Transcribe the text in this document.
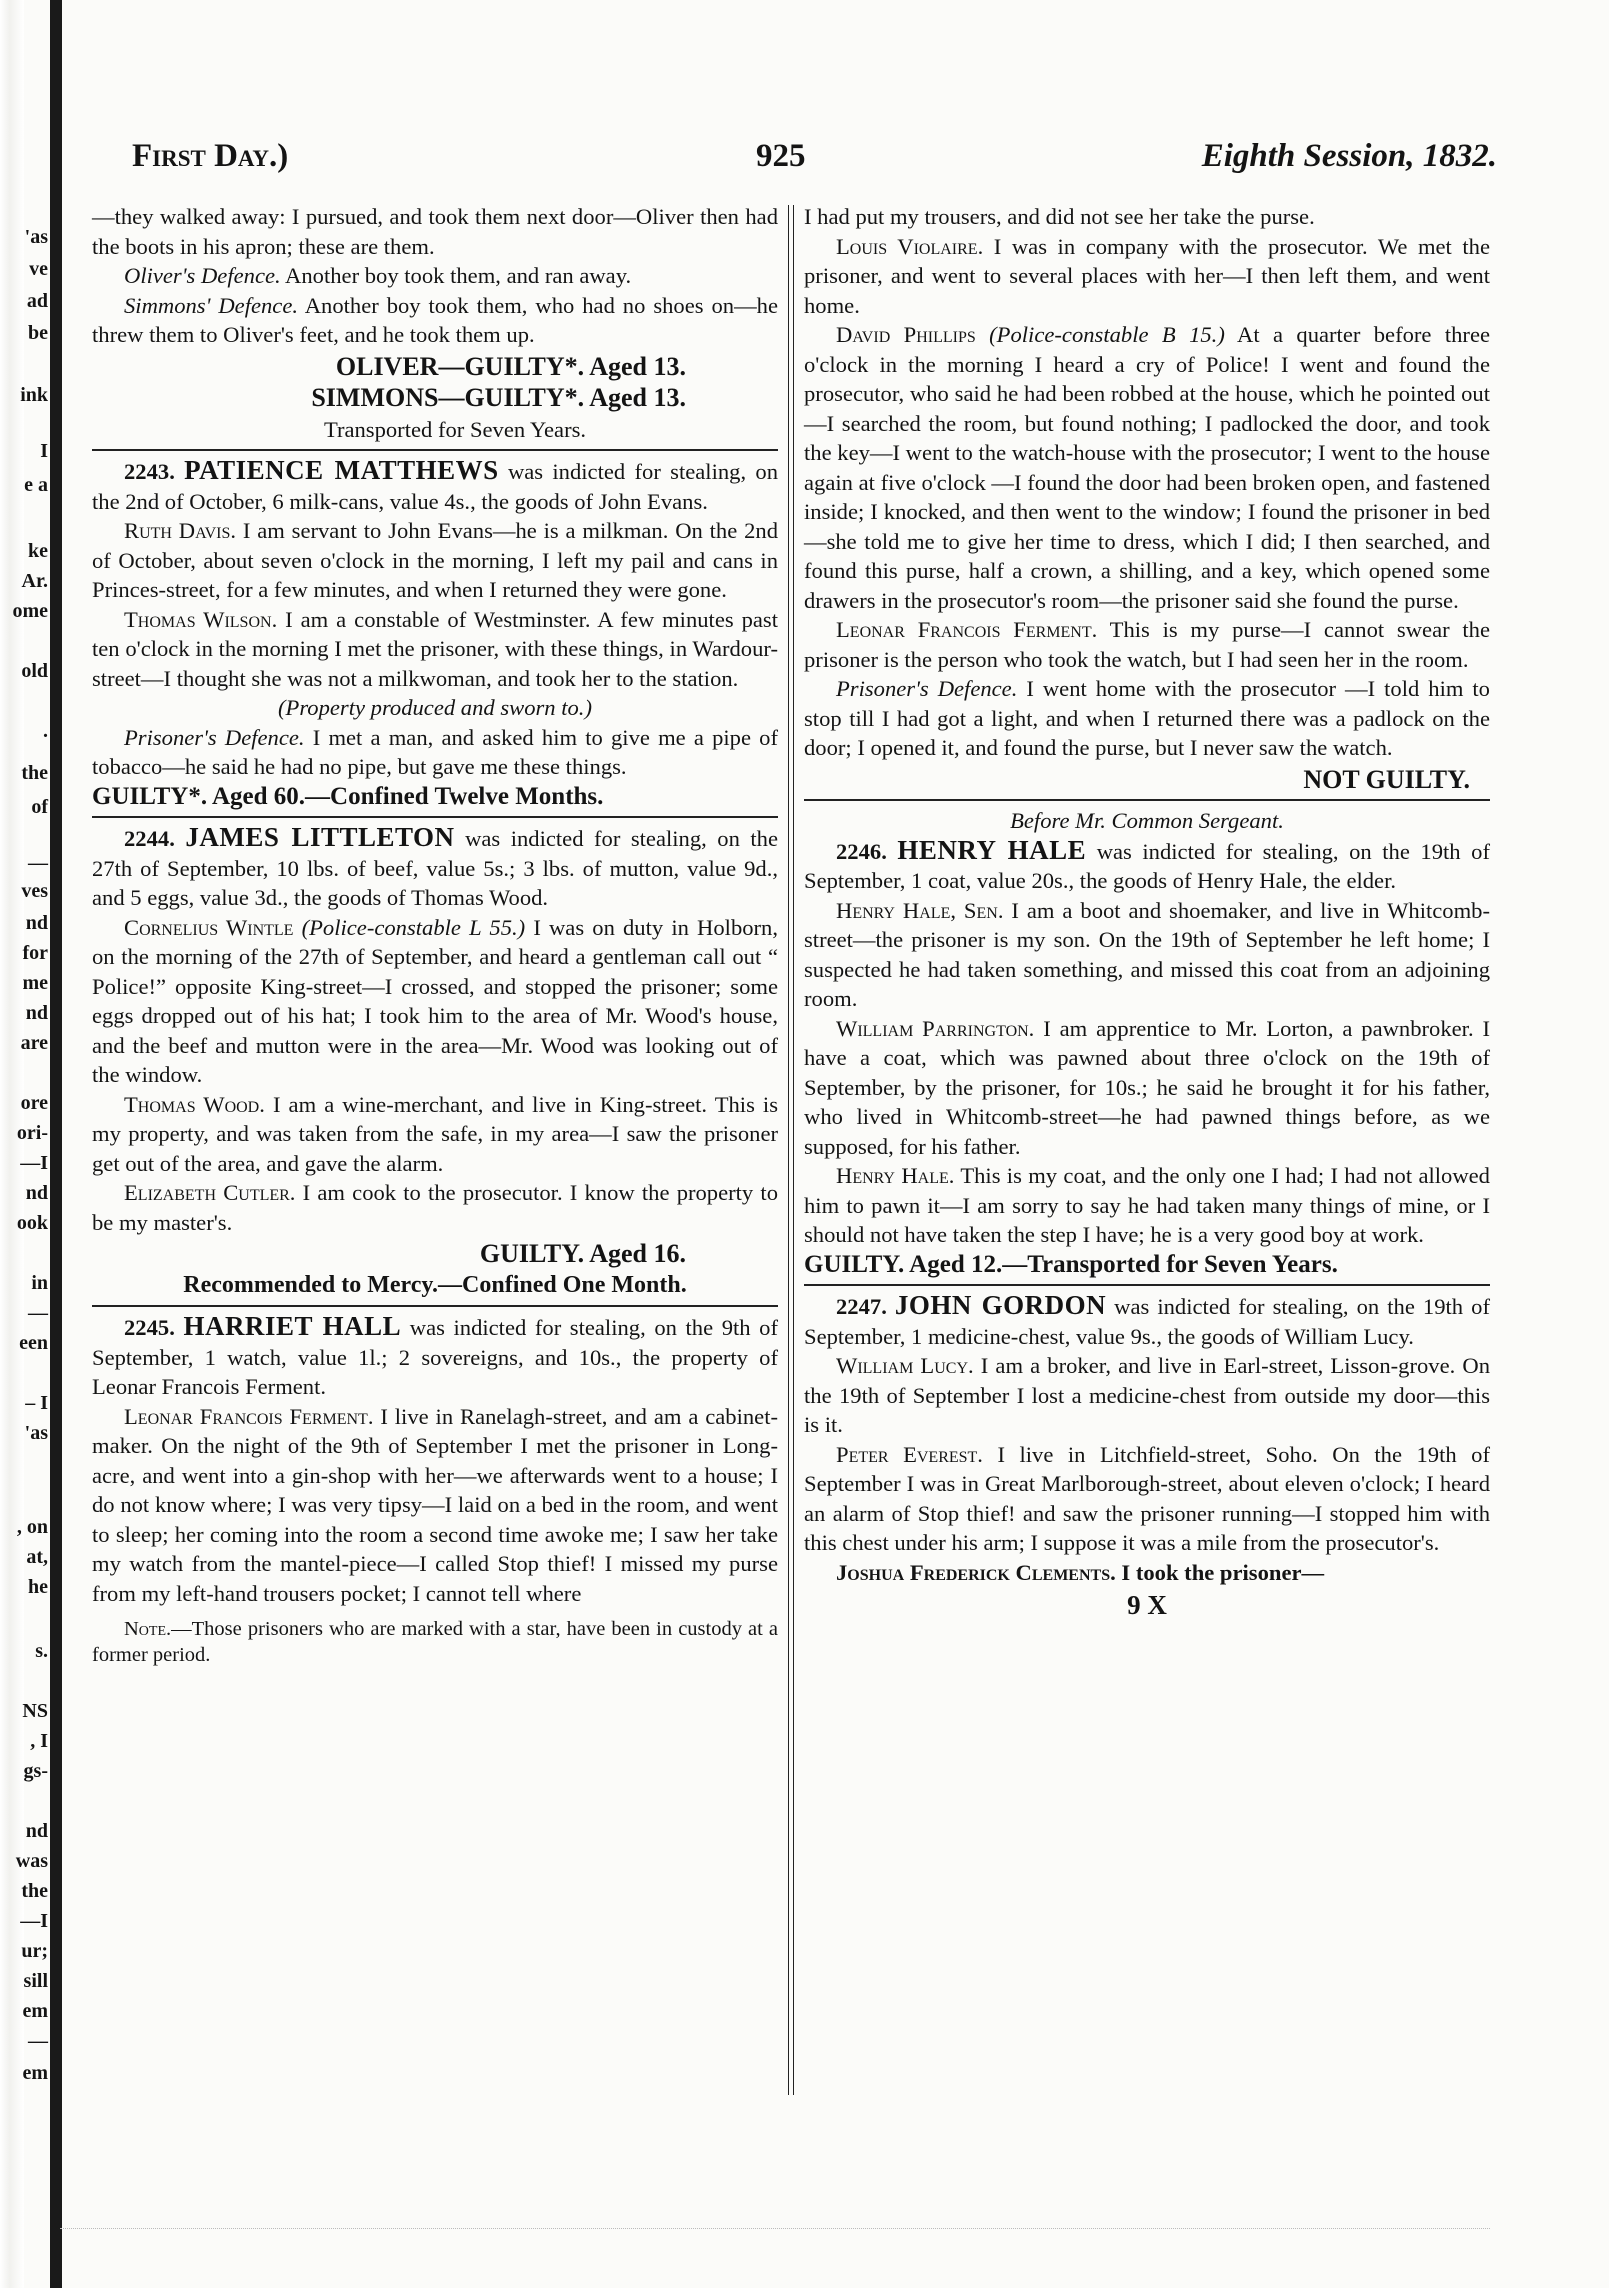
'as
ve
ad
be
ink
I
e a
ke
Ar.
ome
old
.
the
of
—
ves
nd
for
me
nd
are
ore
ori-
—I
nd
ook
in
—
een
– I
'as
, on
at,
he
s.
NS
, I
gs-
nd
was
the
—I
ur;
sill
em
—
em
First Day.)	925	Eighth Session, 1832.

—they walked away: I pursued, and took them next door—Oliver then had the boots in his apron; these are them.

Oliver's Defence. Another boy took them, and ran away.

Simmons' Defence. Another boy took them, who had no shoes on—he threw them to Oliver's feet, and he took them up.

OLIVER—GUILTY*. Aged 13.
SIMMONS—GUILTY*. Aged 13.
Transported for Seven Years.

2243. PATIENCE MATTHEWS was indicted for stealing, on the 2nd of October, 6 milk-cans, value 4s., the goods of John Evans.

Ruth Davis. I am servant to John Evans—he is a milkman. On the 2nd of October, about seven o'clock in the morning, I left my pail and cans in Princes-street, for a few minutes, and when I returned they were gone.

Thomas Wilson. I am a constable of Westminster. A few minutes past ten o'clock in the morning I met the prisoner, with these things, in Wardour-street—I thought she was not a milkwoman, and took her to the station.

(Property produced and sworn to.)

Prisoner's Defence. I met a man, and asked him to give me a pipe of tobacco—he said he had no pipe, but gave me these things.

GUILTY*. Aged 60.—Confined Twelve Months.

2244. JAMES LITTLETON was indicted for stealing, on the 27th of September, 10 lbs. of beef, value 5s.; 3 lbs. of mutton, value 9d., and 5 eggs, value 3d., the goods of Thomas Wood.

Cornelius Wintle (Police-constable L 55.) I was on duty in Holborn, on the morning of the 27th of September, and heard a gentleman call out “ Police!” opposite King-street—I crossed, and stopped the prisoner; some eggs dropped out of his hat; I took him to the area of Mr. Wood's house, and the beef and mutton were in the area—Mr. Wood was looking out of the window.

Thomas Wood. I am a wine-merchant, and live in King-street. This is my property, and was taken from the safe, in my area—I saw the prisoner get out of the area, and gave the alarm.

Elizabeth Cutler. I am cook to the prosecutor. I know the property to be my master's.

GUILTY. Aged 16.
Recommended to Mercy.—Confined One Month.

2245. HARRIET HALL was indicted for stealing, on the 9th of September, 1 watch, value 1l.; 2 sovereigns, and 10s., the property of Leonar Francois Ferment.

Leonar Francois Ferment. I live in Ranelagh-street, and am a cabinet-maker. On the night of the 9th of September I met the prisoner in Long-acre, and went into a gin-shop with her—we afterwards went to a house; I do not know where; I was very tipsy—I laid on a bed in the room, and went to sleep; her coming into the room a second time awoke me; I saw her take my watch from the mantel-piece—I called Stop thief! I missed my purse from my left-hand trousers pocket; I cannot tell where

Note.—Those prisoners who are marked with a star, have been in custody at a former period.

I had put my trousers, and did not see her take the purse.

Louis Violaire. I was in company with the prosecutor. We met the prisoner, and went to several places with her—I then left them, and went home.

David Phillips (Police-constable B 15.) At a quarter before three o'clock in the morning I heard a cry of Police! I went and found the prosecutor, who said he had been robbed at the house, which he pointed out—I searched the room, but found nothing; I padlocked the door, and took the key—I went to the watch-house with the prosecutor; I went to the house again at five o'clock —I found the door had been broken open, and fastened inside; I knocked, and then went to the window; I found the prisoner in bed—she told me to give her time to dress, which I did; I then searched, and found this purse, half a crown, a shilling, and a key, which opened some drawers in the prosecutor's room—the prisoner said she found the purse.

Leonar Francois Ferment. This is my purse—I cannot swear the prisoner is the person who took the watch, but I had seen her in the room.

Prisoner's Defence. I went home with the prosecutor —I told him to stop till I had got a light, and when I returned there was a padlock on the door; I opened it, and found the purse, but I never saw the watch.

NOT GUILTY.
Before Mr. Common Sergeant.

2246. HENRY HALE was indicted for stealing, on the 19th of September, 1 coat, value 20s., the goods of Henry Hale, the elder.

Henry Hale, Sen. I am a boot and shoemaker, and live in Whitcomb-street—the prisoner is my son. On the 19th of September he left home; I suspected he had taken something, and missed this coat from an adjoining room.

William Parrington. I am apprentice to Mr. Lorton, a pawnbroker. I have a coat, which was pawned about three o'clock on the 19th of September, by the prisoner, for 10s.; he said he brought it for his father, who lived in Whitcomb-street—he had pawned things before, as we supposed, for his father.

Henry Hale. This is my coat, and the only one I had; I had not allowed him to pawn it—I am sorry to say he had taken many things of mine, or I should not have taken the step I have; he is a very good boy at work.

GUILTY. Aged 12.—Transported for Seven Years.

2247. JOHN GORDON was indicted for stealing, on the 19th of September, 1 medicine-chest, value 9s., the goods of William Lucy.

William Lucy. I am a broker, and live in Earl-street, Lisson-grove. On the 19th of September I lost a medicine-chest from outside my door—this is it.

Peter Everest. I live in Litchfield-street, Soho. On the 19th of September I was in Great Marlborough-street, about eleven o'clock; I heard an alarm of Stop thief! and saw the prisoner running—I stopped him with this chest under his arm; I suppose it was a mile from the prosecutor's.

Joshua Frederick Clements. I took the prisoner—

9 X
